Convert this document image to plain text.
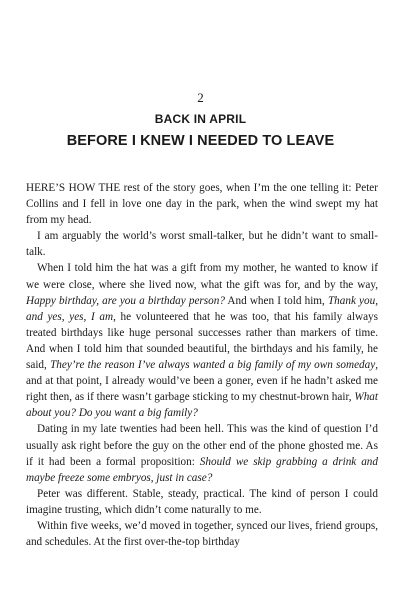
2

BACK IN APRIL

BEFORE I KNEW I NEEDED TO LEAVE

HERE’S HOW THE rest of the story goes, when I’m the one telling it: Peter Collins and I fell in love one day in the park, when the wind swept my hat from my head.

I am arguably the world’s worst small-talker, but he didn’t want to small-talk.

When I told him the hat was a gift from my mother, he wanted to know if we were close, where she lived now, what the gift was for, and by the way, Happy birthday, are you a birthday person? And when I told him, Thank you, and yes, yes, I am, he volunteered that he was too, that his family always treated birthdays like huge personal successes rather than markers of time. And when I told him that sounded beautiful, the birthdays and his family, he said, They’re the reason I’ve always wanted a big family of my own someday, and at that point, I already would’ve been a goner, even if he hadn’t asked me right then, as if there wasn’t garbage sticking to my chestnut-brown hair, What about you? Do you want a big family?

Dating in my late twenties had been hell. This was the kind of question I’d usually ask right before the guy on the other end of the phone ghosted me. As if it had been a formal proposition: Should we skip grabbing a drink and maybe freeze some embryos, just in case?

Peter was different. Stable, steady, practical. The kind of person I could imagine trusting, which didn’t come naturally to me.

Within five weeks, we’d moved in together, synced our lives, friend groups, and schedules. At the first over-the-top birthday
